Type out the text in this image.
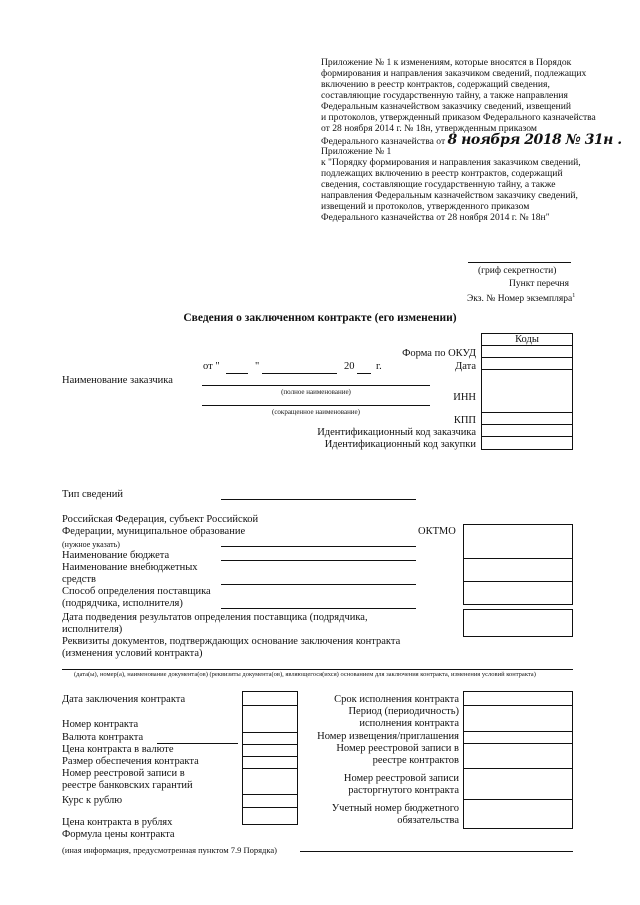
Приложение № 1 к изменениям, которые вносятся в Порядок
формирования и направления заказчиком сведений, подлежащих
включению в реестр контрактов, содержащий сведения,
составляющие государственную тайну, а также направления
Федеральным казначейством заказчику сведений, извещений
и протоколов, утвержденный приказом Федерального казначейства
от 28 ноября 2014 г. № 18н, утвержденным приказом
Федерального казначейства от 8 ноября 2018 № 31н .
Приложение № 1
к "Порядку формирования и направления заказчиком сведений,
подлежащих включению в реестр контрактов, содержащий
сведения, составляющие государственную тайну, а также
направления Федеральным казначейством заказчику сведений,
извещений и протоколов, утвержденного приказом
Федерального казначейства от 28 ноября 2014 г. № 18н"
(гриф секретности)
Пункт перечня
Экз. № Номер экземпляра$^1$
Сведения о заключенном контракте (его изменении)
Коды
Форма по ОКУД
от "	"	20 г.	Дата
Наименование заказчика
(полное наименование)	ИНН
(сокращенное наименование)
КПП
Идентификационный код заказчика
Идентификационный код закупки
Тип сведений
Российская Федерация, субъект Российской
Федерации, муниципальное образование
(нужное указать)
ОКТМО
Наименование бюджета
Наименование внебюджетных
средств
Способ определения поставщика
(подрядчика, исполнителя)
Дата подведения результатов определения поставщика (подрядчика,
исполнителя)
Реквизиты документов, подтверждающих основание заключения контракта
(изменения условий контракта)
(дата(ы), номер(а), наименование документа(ов) (реквизиты документа(ов), являющегося(ихся) основанием для заключения контракта, изменения условий контракта)
Дата заключения контракта
Номер контракта
Валюта контракта
Цена контракта в валюте
Размер обеспечения контракта
Номер реестровой записи в
реестре банковских гарантий
Курс к рублю
Цена контракта в рублях
Формула цены контракта
(иная информация, предусмотренная пунктом 7.9 Порядка)
Срок исполнения контракта
Период (периодичность)
исполнения контракта
Номер извещения/приглашения
Номер реестровой записи в
реестре контрактов
Номер реестровой записи
расторгнутого контракта
Учетный номер бюджетного
обязательства
